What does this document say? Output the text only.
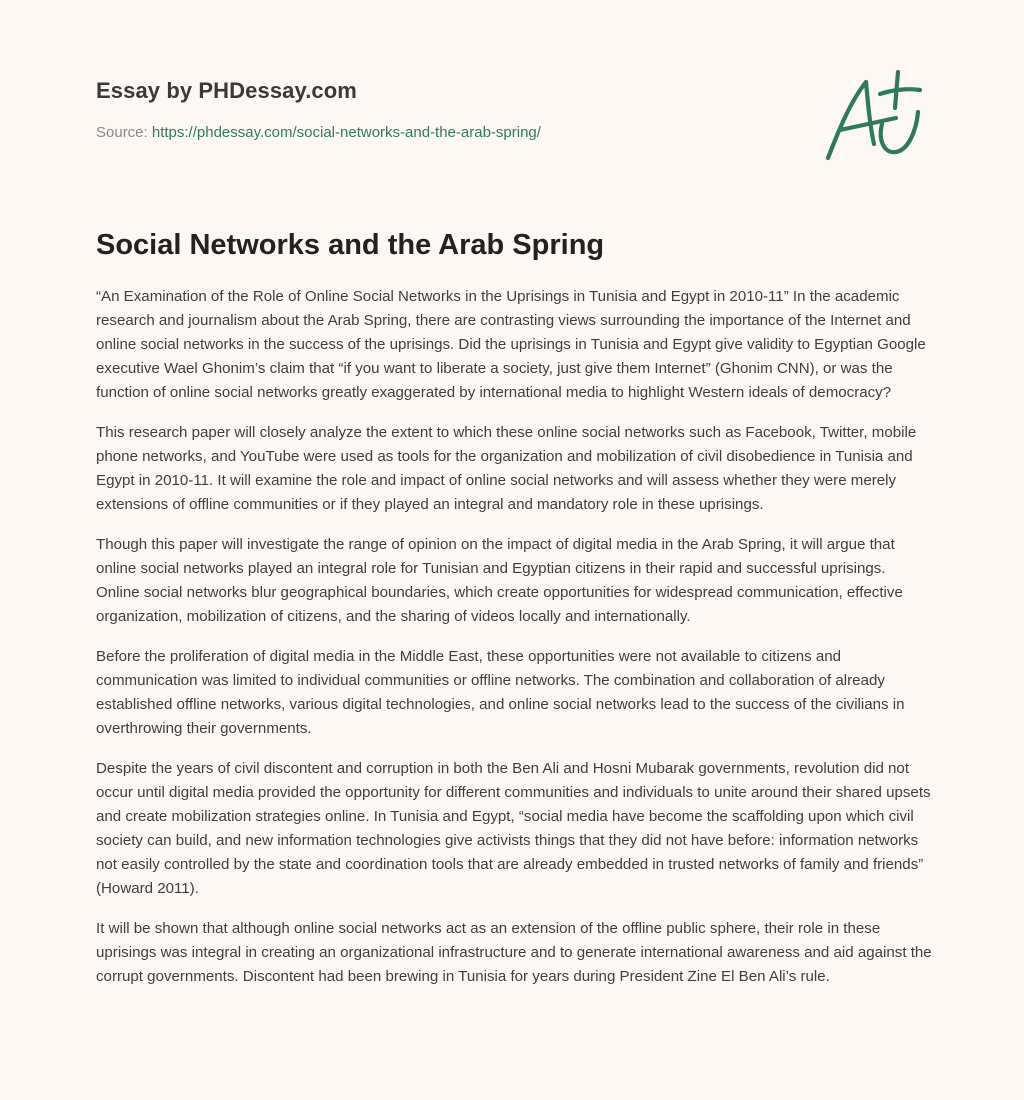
Essay by PHDessay.com
Source: https://phdessay.com/social-networks-and-the-arab-spring/
Social Networks and the Arab Spring

“An Examination of the Role of Online Social Networks in the Uprisings in Tunisia and Egypt in 2010-11” In the academic research and journalism about the Arab Spring, there are contrasting views surrounding the importance of the Internet and online social networks in the success of the uprisings. Did the uprisings in Tunisia and Egypt give validity to Egyptian Google executive Wael Ghonim’s claim that “if you want to liberate a society, just give them Internet” (Ghonim CNN), or was the function of online social networks greatly exaggerated by international media to highlight Western ideals of democracy?

This research paper will closely analyze the extent to which these online social networks such as Facebook, Twitter, mobile phone networks, and YouTube were used as tools for the organization and mobilization of civil disobedience in Tunisia and Egypt in 2010-11. It will examine the role and impact of online social networks and will assess whether they were merely extensions of offline communities or if they played an integral and mandatory role in these uprisings.

Though this paper will investigate the range of opinion on the impact of digital media in the Arab Spring, it will argue that online social networks played an integral role for Tunisian and Egyptian citizens in their rapid and successful uprisings. Online social networks blur geographical boundaries, which create opportunities for widespread communication, effective organization, mobilization of citizens, and the sharing of videos locally and internationally.

Before the proliferation of digital media in the Middle East, these opportunities were not available to citizens and communication was limited to individual communities or offline networks. The combination and collaboration of already established offline networks, various digital technologies, and online social networks lead to the success of the civilians in overthrowing their governments.

Despite the years of civil discontent and corruption in both the Ben Ali and Hosni Mubarak governments, revolution did not occur until digital media provided the opportunity for different communities and individuals to unite around their shared upsets and create mobilization strategies online. In Tunisia and Egypt, “social media have become the scaffolding upon which civil society can build, and new information technologies give activists things that they did not have before: information networks not easily controlled by the state and coordination tools that are already embedded in trusted networks of family and friends” (Howard 2011).

It will be shown that although online social networks act as an extension of the offline public sphere, their role in these uprisings was integral in creating an organizational infrastructure and to generate international awareness and aid against the corrupt governments. Discontent had been brewing in Tunisia for years during President Zine El Ben Ali’s rule.
